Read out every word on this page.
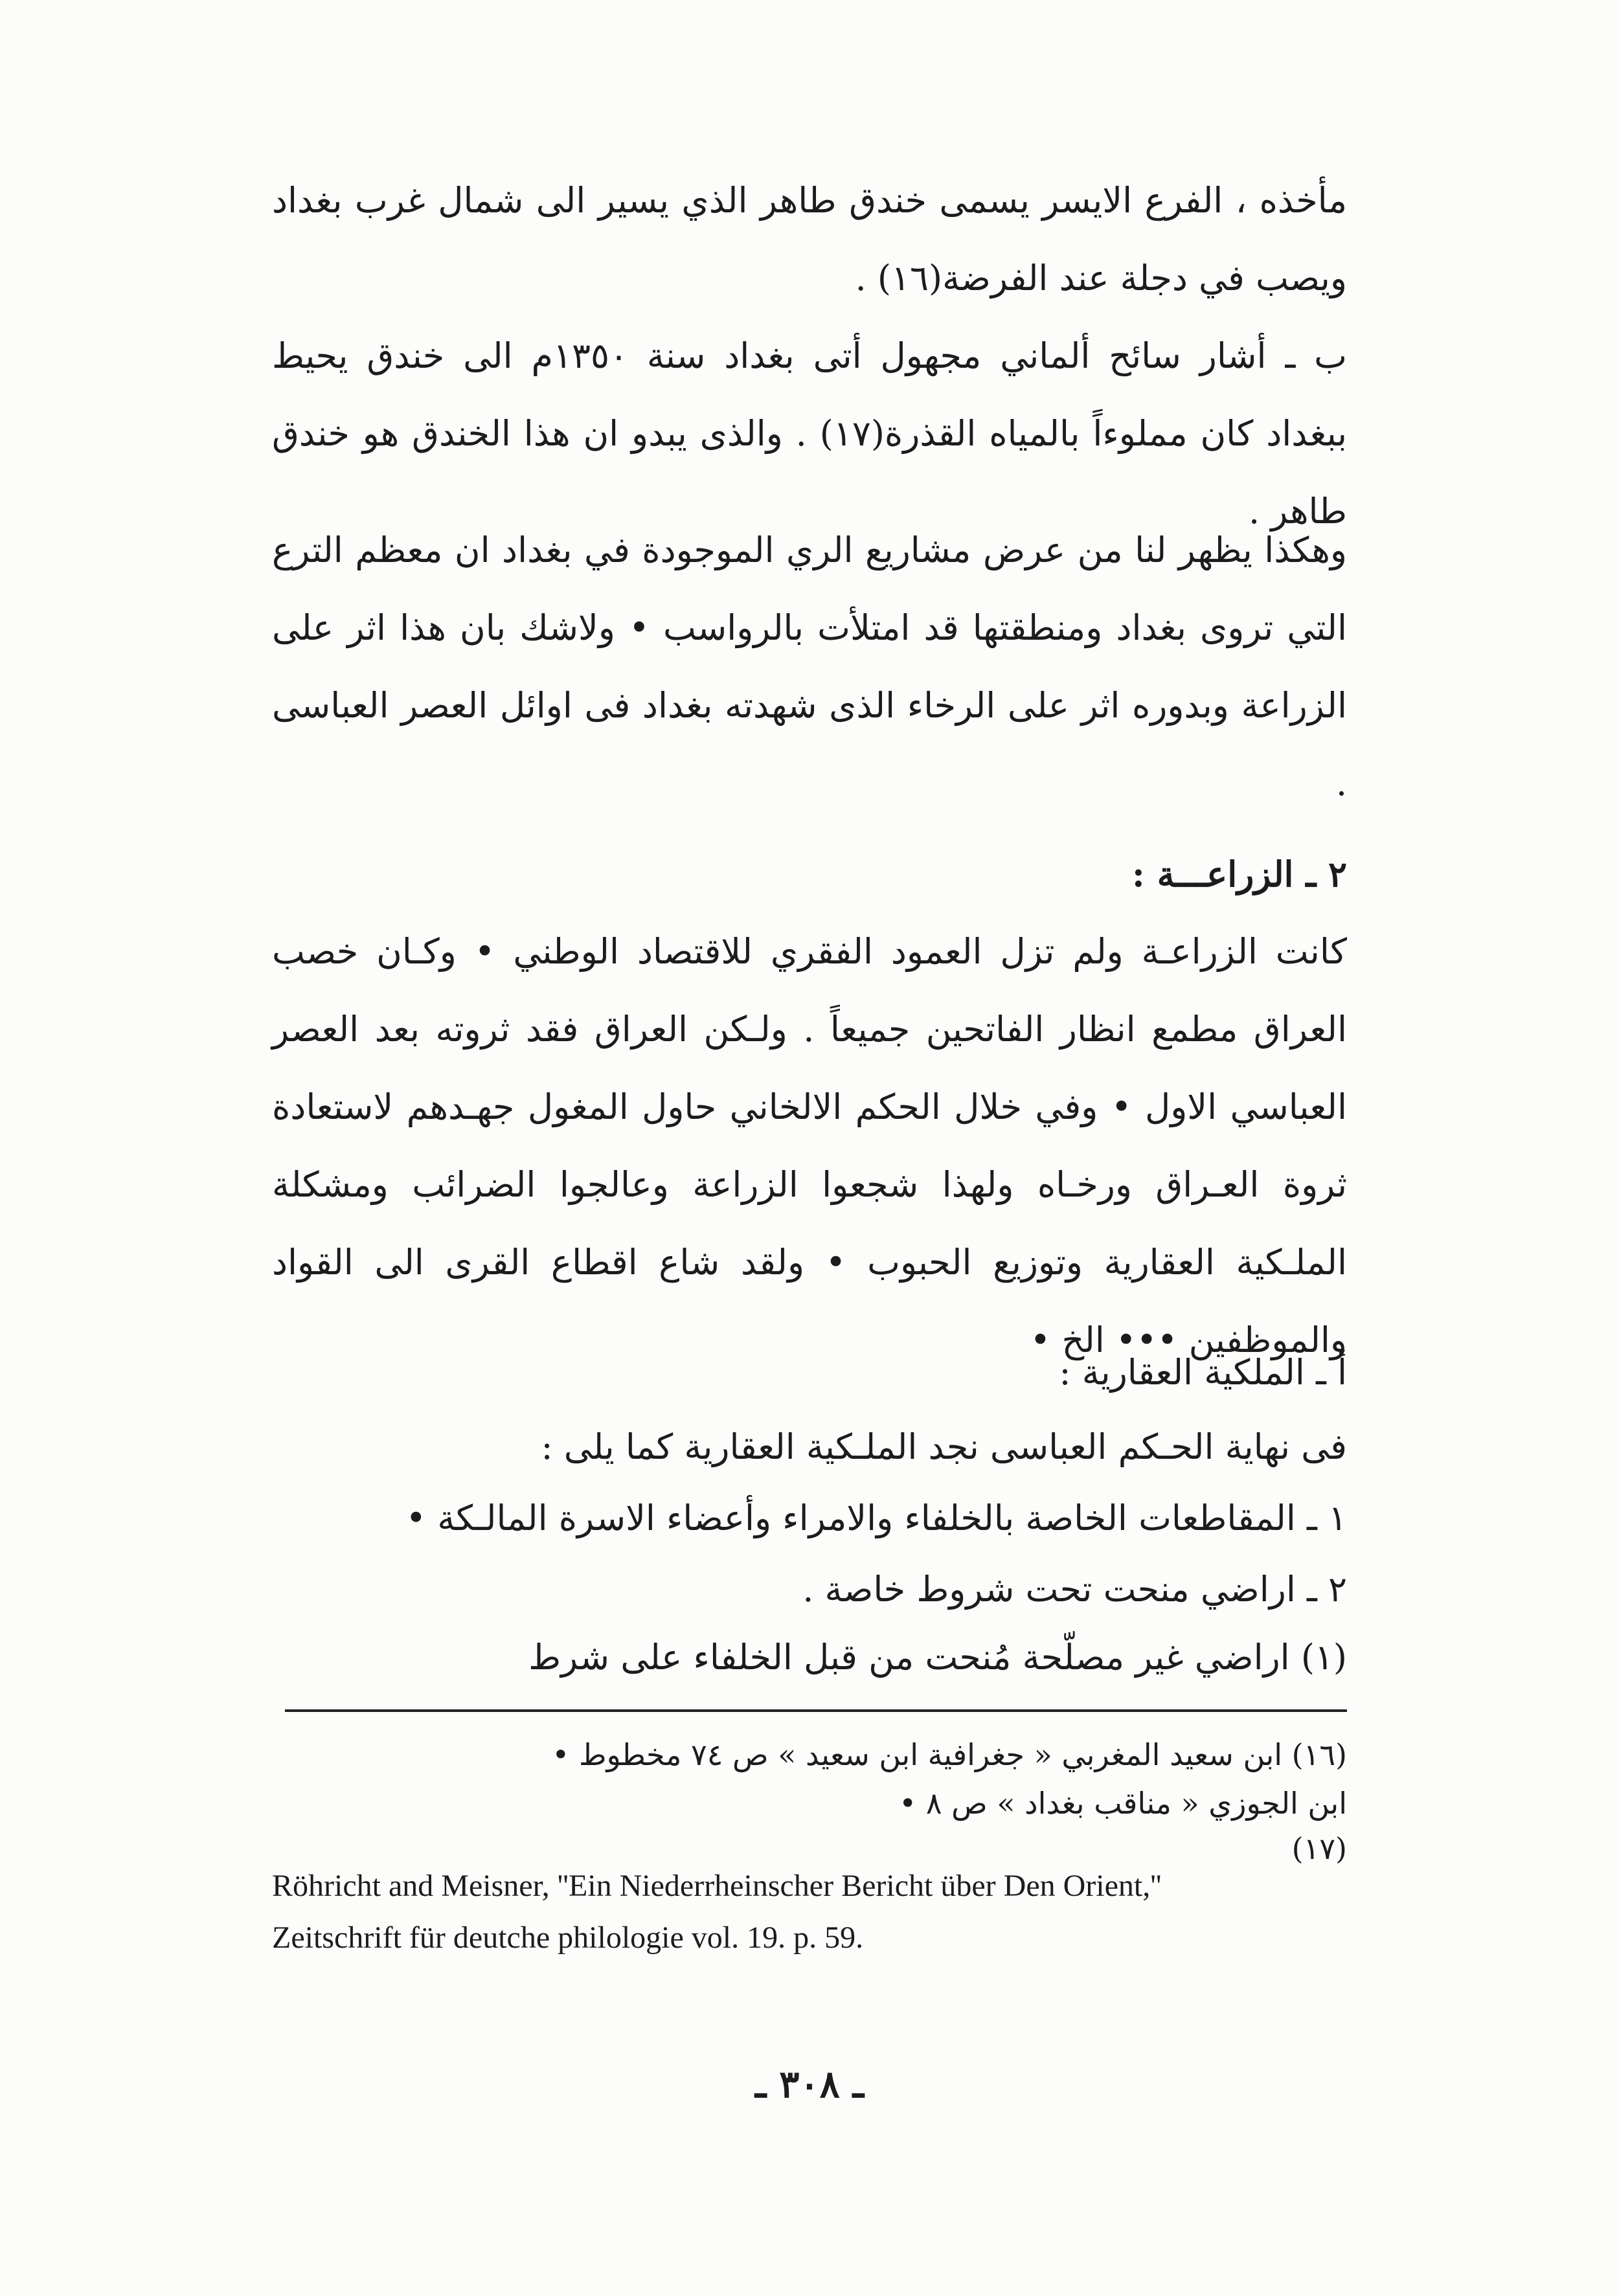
مأخذه ، الفرع الايسر يسمى خندق طاهر الذي يسير الى شمال غرب بغداد ويصب في دجلة عند الفرضة(١٦) .

ب ـ أشار سائح ألماني مجهول أتى بغداد سنة ١٣٥٠م الى خندق يحيط ببغداد كان مملوءاً بالمياه القذرة(١٧) . والذى يبدو ان هذا الخندق هو خندق طاهر .

وهكذا يظهر لنا من عرض مشاريع الري الموجودة في بغداد ان معظم الترع التي تروى بغداد ومنطقتها قد امتلأت بالرواسب • ولاشك بان هذا اثر على الزراعة وبدوره اثر على الرخاء الذى شهدته بغداد فى اوائل العصر العباسى .

٢ ـ الزراعـــة :

كانت الزراعـة ولم تزل العمود الفقري للاقتصاد الوطني • وكـان خصب العراق مطمع انظار الفاتحين جميعاً . ولـكن العراق فقد ثروته بعد العصر العباسي الاول • وفي خلال الحكم الالخاني حاول المغول جهـدهم لاستعادة ثروة العـراق ورخـاه ولهذا شجعوا الزراعة وعالجوا الضرائب ومشكلة الملـكية العقارية وتوزيع الحبوب • ولقد شاع اقطاع القرى الى القواد والموظفين ••• الخ •

أ ـ الملكية العقارية :

فى نهاية الحـكم العباسى نجد الملـكية العقارية كما يلى :

١ ـ المقاطعات الخاصة بالخلفاء والامراء وأعضاء الاسرة المالـكة •

٢ ـ اراضي منحت تحت شروط خاصة .

(١) اراضي غير مصلّحة مُنحت من قبل الخلفاء على شرط

(١٦) ابن سعيد المغربي « جغرافية ابن سعيد » ص ٧٤ مخطوط •

ابن الجوزي « مناقب بغداد » ص ٨ •

(١٧)

Röhricht and Meisner, ''Ein Niederrheinscher Bericht über Den Orient,''

Zeitschrift für deutche philologie vol. 19. p. 59.

ـ ٣٠٨ ـ
